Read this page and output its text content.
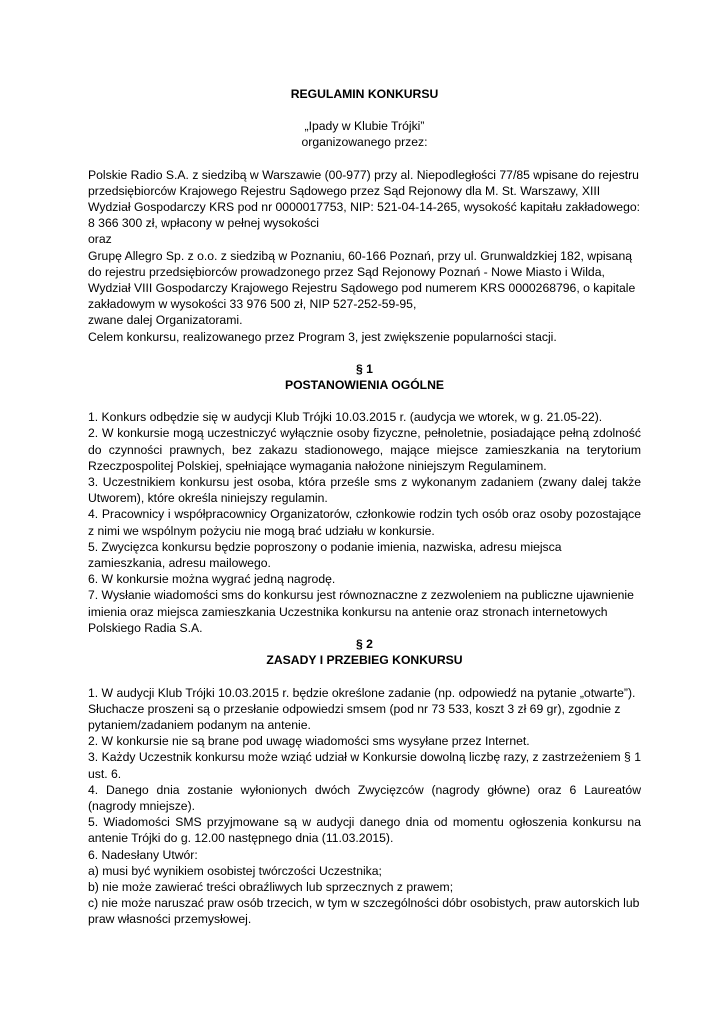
REGULAMIN KONKURSU

„Ipady w Klubie Trójki”

organizowanego przez:

Polskie Radio S.A. z siedzibą w Warszawie (00-977) przy al. Niepodległości 77/85 wpisane do rejestru przedsiębiorców Krajowego Rejestru Sądowego przez Sąd Rejonowy dla M. St. Warszawy, XIII Wydział Gospodarczy KRS pod nr 0000017753, NIP: 521-04-14-265, wysokość kapitału zakładowego: 8 366 300 zł, wpłacony w pełnej wysokości

oraz

Grupę Allegro Sp. z o.o. z siedzibą w Poznaniu, 60-166 Poznań, przy ul. Grunwaldzkiej 182, wpisaną do rejestru przedsiębiorców prowadzonego przez Sąd Rejonowy Poznań - Nowe Miasto i Wilda, Wydział VIII Gospodarczy Krajowego Rejestru Sądowego pod numerem KRS 0000268796, o kapitale zakładowym w wysokości 33 976 500 zł, NIP 527-252-59-95,

zwane dalej Organizatorami.

Celem konkursu, realizowanego przez Program 3, jest zwiększenie popularności stacji.

§ 1

POSTANOWIENIA OGÓLNE

1. Konkurs odbędzie się w audycji Klub Trójki 10.03.2015 r. (audycja we wtorek, w g. 21.05-22).

2. W konkursie mogą uczestniczyć wyłącznie osoby fizyczne, pełnoletnie, posiadające pełną zdolność do czynności prawnych, bez zakazu stadionowego, mające miejsce zamieszkania na terytorium Rzeczpospolitej Polskiej, spełniające wymagania nałożone niniejszym Regulaminem.

3. Uczestnikiem konkursu jest osoba, która prześle sms z wykonanym zadaniem (zwany dalej także Utworem), które określa niniejszy regulamin.

4. Pracownicy i współpracownicy Organizatorów, członkowie rodzin tych osób oraz osoby pozostające z nimi we wspólnym pożyciu nie mogą brać udziału w konkursie.

5. Zwycięzca konkursu będzie poproszony o podanie imienia, nazwiska, adresu miejsca zamieszkania, adresu mailowego.

6. W konkursie można wygrać jedną nagrodę.

7. Wysłanie wiadomości sms do konkursu jest równoznaczne z zezwoleniem na publiczne ujawnienie imienia oraz miejsca zamieszkania Uczestnika konkursu na antenie oraz stronach internetowych Polskiego Radia S.A.

§ 2

ZASADY I PRZEBIEG KONKURSU

1. W audycji Klub Trójki 10.03.2015 r. będzie określone zadanie (np. odpowiedź na pytanie „otwarte”). Słuchacze proszeni są o przesłanie odpowiedzi smsem (pod nr 73 533, koszt 3 zł 69 gr), zgodnie z pytaniem/zadaniem podanym na antenie.

2. W konkursie nie są brane pod uwagę wiadomości sms wysyłane przez Internet.

3. Każdy Uczestnik konkursu może wziąć udział w Konkursie dowolną liczbę razy, z zastrzeżeniem § 1 ust. 6.

4. Danego dnia zostanie wyłonionych dwóch Zwycięzców (nagrody główne) oraz 6 Laureatów (nagrody mniejsze).

5. Wiadomości SMS przyjmowane są w audycji danego dnia od momentu ogłoszenia konkursu na antenie Trójki do g. 12.00 następnego dnia (11.03.2015).

6. Nadesłany Utwór:

a) musi być wynikiem osobistej twórczości Uczestnika;

b) nie może zawierać treści obraźliwych lub sprzecznych z prawem;

c) nie może naruszać praw osób trzecich, w tym w szczególności dóbr osobistych, praw autorskich lub praw własności przemysłowej.
